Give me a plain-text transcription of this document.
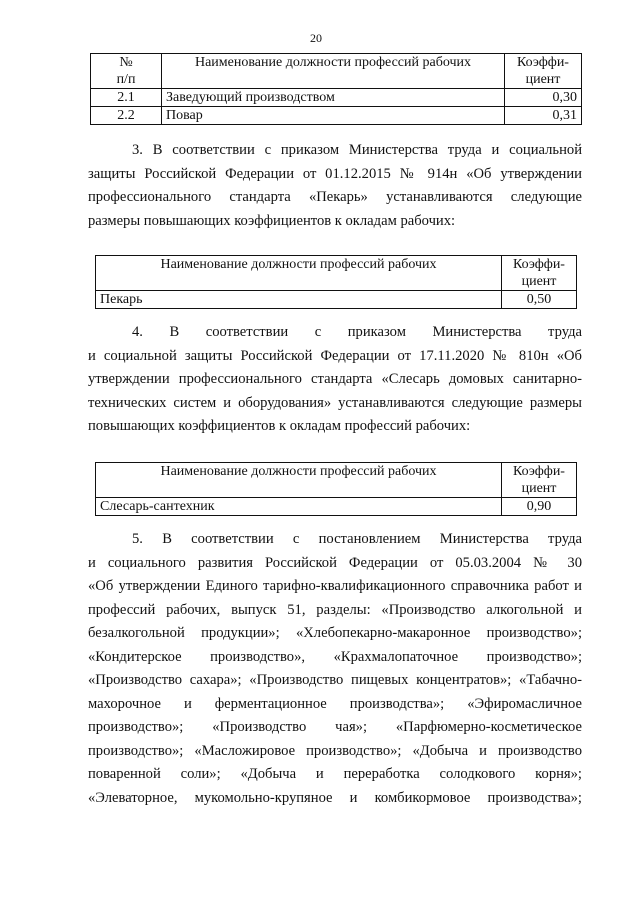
20
№
п/п	Наименование должности профессий рабочих	Коэффи-
циент
2.1	Заведующий производством	0,30
2.2	Повар	0,31
3. В соответствии с приказом Министерства труда и социальной
защиты Российской Федерации от 01.12.2015 № 914н «Об утверждении
профессионального стандарта «Пекарь» устанавливаются следующие
размеры повышающих коэффициентов к окладам рабочих:
Наименование должности профессий рабочих	Коэффи-
циент
Пекарь	0,50
4. В соответствии с приказом Министерства труда
и социальной защиты Российской Федерации от 17.11.2020 № 810н «Об
утверждении профессионального стандарта «Слесарь домовых санитарно-
технических систем и оборудования» устанавливаются следующие размеры
повышающих коэффициентов к окладам профессий рабочих:
Наименование должности профессий рабочих	Коэффи-
циент
Слесарь-сантехник	0,90
5. В соответствии с постановлением Министерства труда
и социального развития Российской Федерации от 05.03.2004 № 30
«Об утверждении Единого тарифно-квалификационного справочника работ и
профессий рабочих, выпуск 51, разделы: «Производство алкогольной и
безалкогольной продукции»; «Хлебопекарно-макаронное производство»;
«Кондитерское производство», «Крахмалопаточное производство»;
«Производство сахара»; «Производство пищевых концентратов»; «Табачно-
махорочное и ферментационное производства»; «Эфиромасличное
производство»; «Производство чая»; «Парфюмерно-косметическое
производство»; «Масложировое производство»; «Добыча и производство
поваренной соли»; «Добыча и переработка солодкового корня»;
«Элеваторное, мукомольно-крупяное и комбикормовое производства»;
